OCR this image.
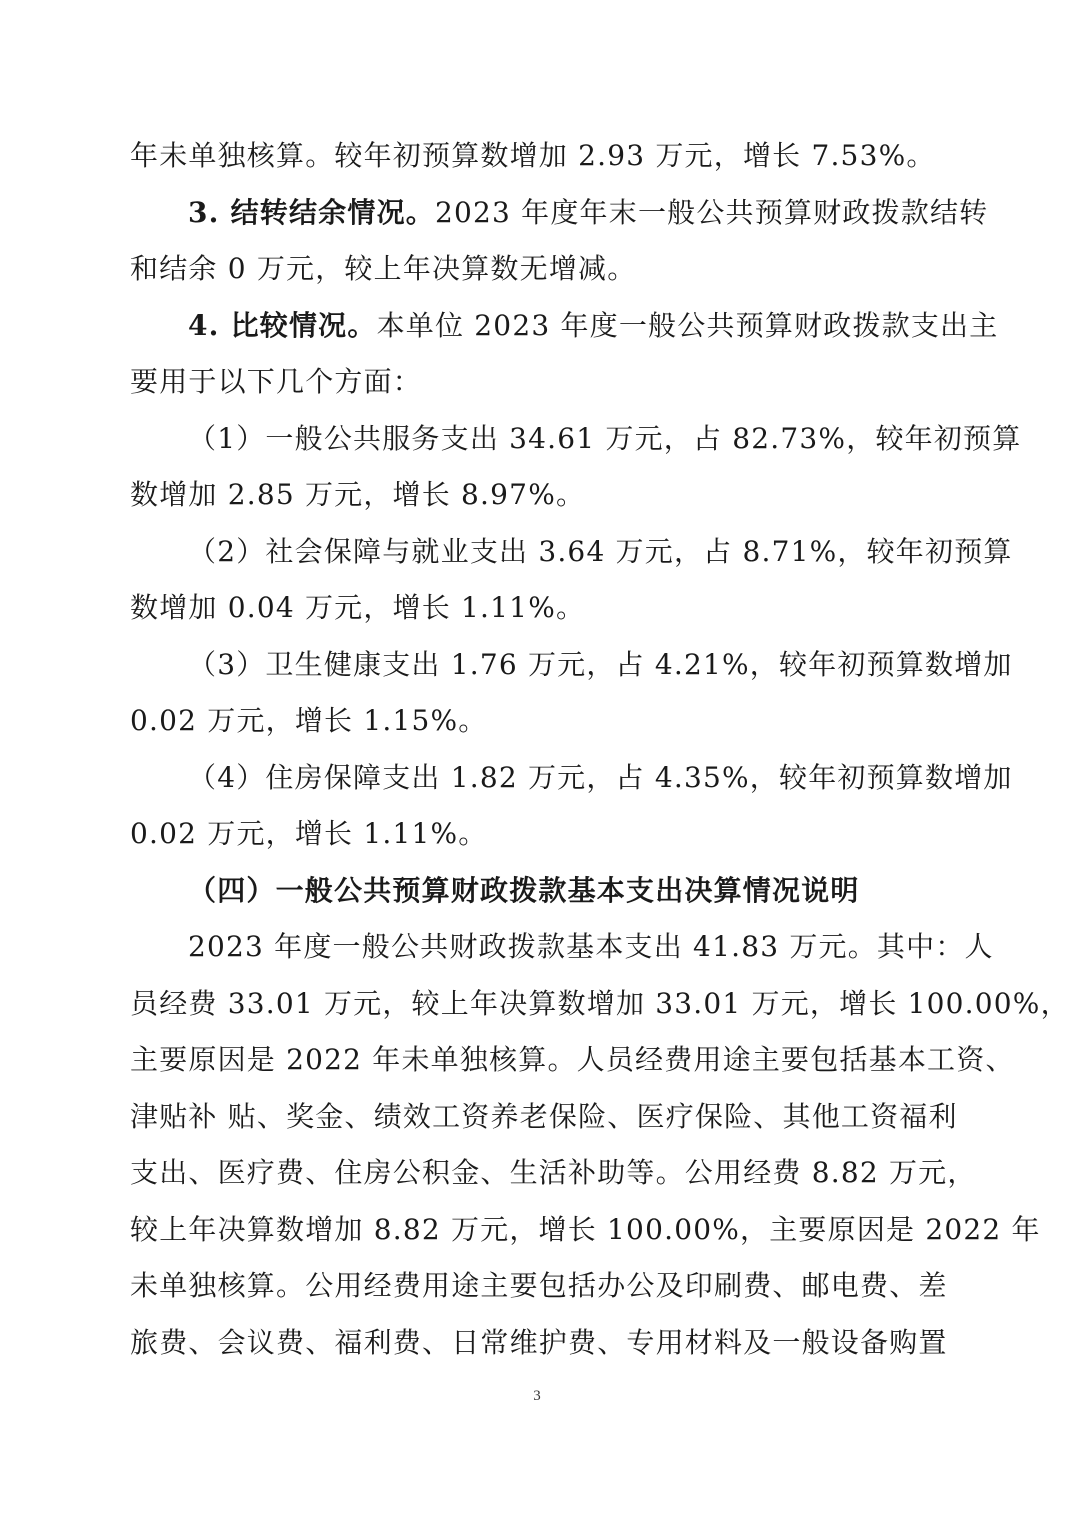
年未单独核算。较年初预算数增加 2.93 万元，增长 7.53%。
3. 结转结余情况。2023 年度年末一般公共预算财政拨款结转
和结余 0 万元，较上年决算数无增减。
4. 比较情况。本单位 2023 年度一般公共预算财政拨款支出主
要用于以下几个方面：
（1）一般公共服务支出 34.61 万元，占 82.73%，较年初预算
数增加 2.85 万元，增长 8.97%。
（2）社会保障与就业支出 3.64 万元，占 8.71%，较年初预算
数增加 0.04 万元，增长 1.11%。
（3）卫生健康支出 1.76 万元，占 4.21%，较年初预算数增加
0.02 万元，增长 1.15%。
（4）住房保障支出 1.82 万元，占 4.35%，较年初预算数增加
0.02 万元，增长 1.11%。
（四）一般公共预算财政拨款基本支出决算情况说明
2023 年度一般公共财政拨款基本支出 41.83 万元。其中：人
员经费 33.01 万元，较上年决算数增加 33.01 万元，增长 100.00%，
主要原因是 2022 年未单独核算。人员经费用途主要包括基本工资、
津贴补 贴、奖金、绩效工资养老保险、医疗保险、其他工资福利
支出、医疗费、住房公积金、生活补助等。公用经费 8.82 万元，
较上年决算数增加 8.82 万元，增长 100.00%，主要原因是 2022 年
未单独核算。公用经费用途主要包括办公及印刷费、邮电费、差
旅费、会议费、福利费、日常维护费、专用材料及一般设备购置
3
